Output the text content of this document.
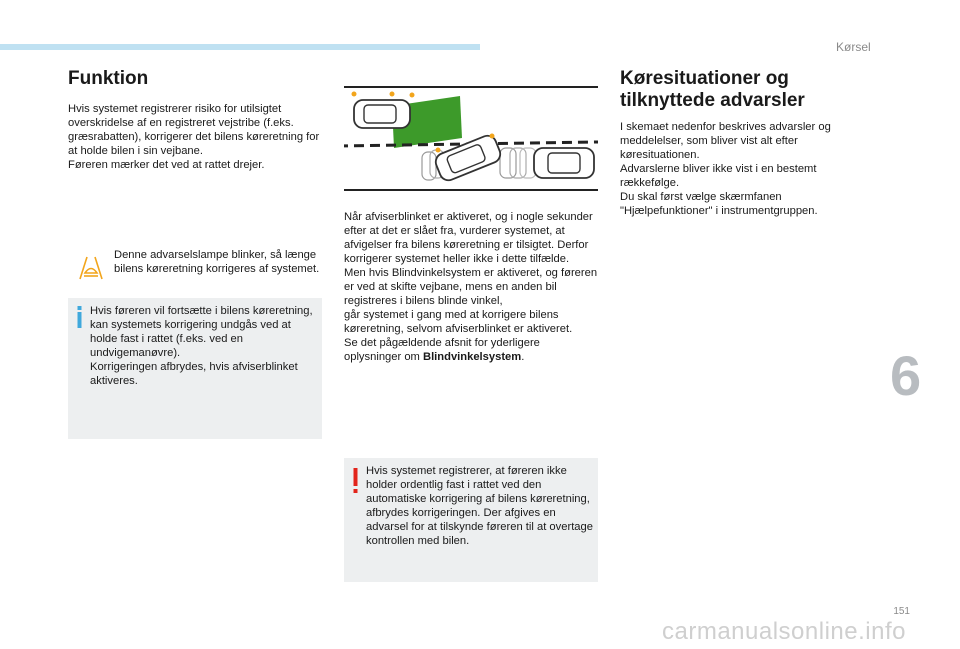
Kørsel
Funktion

Hvis systemet registrerer risiko for utilsigtet overskridelse af en registreret vejstribe (f.eks. græsrabatten), korrigerer det bilens køreretning for at holde bilen i sin vejbane.
Føreren mærker det ved at rattet drejer.

Denne advarselslampe blinker, så længe bilens køreretning korrigeres af systemet.

Hvis føreren vil fortsætte i bilens køreretning, kan systemets korrigering undgås ved at holde fast i rattet (f.eks. ved en undvigemanøvre).
Korrigeringen afbrydes, hvis afviserblinket aktiveres.

Når afviserblinket er aktiveret, og i nogle sekunder efter at det er slået fra, vurderer systemet, at afvigelser fra bilens køreretning er tilsigtet. Derfor korrigerer systemet heller ikke i dette tilfælde.
Men hvis Blindvinkelsystem er aktiveret, og føreren er ved at skifte vejbane, mens en anden bil registreres i bilens blinde vinkel,
går systemet i gang med at korrigere bilens køreretning, selvom afviserblinket er aktiveret.
Se det pågældende afsnit for yderligere oplysninger om Blindvinkelsystem.

Hvis systemet registrerer, at føreren ikke holder ordentlig fast i rattet ved den automatiske korrigering af bilens køreretning, afbrydes korrigeringen. Der afgives en advarsel for at tilskynde føreren til at overtage kontrollen med bilen.

Køresituationer og tilknyttede advarsler

I skemaet nedenfor beskrives advarsler og meddelelser, som bliver vist alt efter køresituationen.
Advarslerne bliver ikke vist i en bestemt rækkefølge.
Du skal først vælge skærmfanen "Hjælpefunktioner" i instrumentgruppen.

6
151
carmanualsonline.info
